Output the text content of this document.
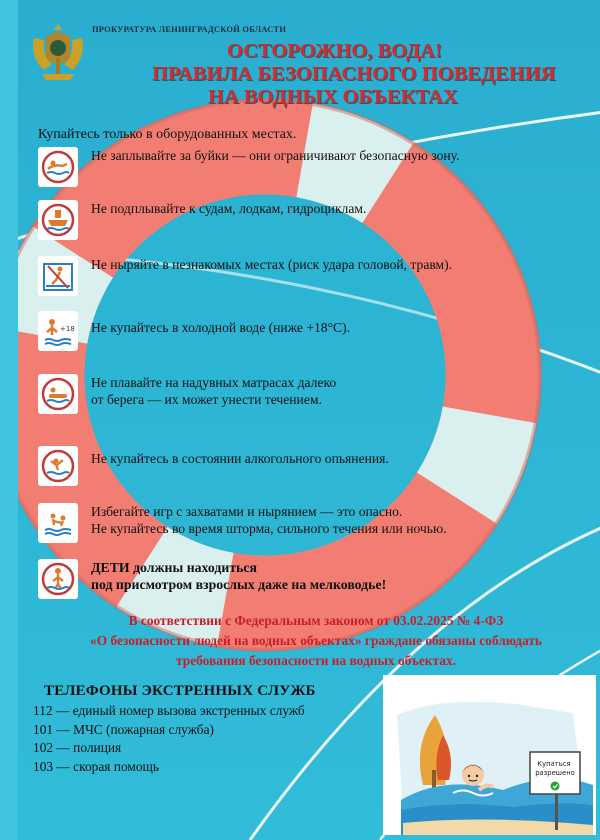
ПРОКУРАТУРА ЛЕНИНГРАДСКОЙ ОБЛАСТИ
ОСТОРОЖНО, ВОДА!
ПРАВИЛА БЕЗОПАСНОГО ПОВЕДЕНИЯ
НА ВОДНЫХ ОБЪЕКТАХ
Купайтесь только в оборудованных местах.
Не заплывайте за буйки — они ограничивают безопасную зону.
Не подплывайте к судам, лодкам, гидроциклам.
Не ныряйте в незнакомых местах (риск удара головой, травм).
+18 Не купайтесь в холодной воде (ниже +18°С).
Не плавайте на надувных матрасах далеко
от берега — их может унести течением.
Не купайтесь в состоянии алкогольного опьянения.
Избегайте игр с захватами и нырянием — это опасно.
Не купайтесь во время шторма, сильного течения или ночью.
ДЕТИ должны находиться
под присмотром взрослых даже на мелководье!
В соответствии с Федеральным законом от 03.02.2025 № 4-ФЗ
«О безопасности людей на водных объектах» граждане обязаны соблюдать
требования безопасности на водных объектах.
ТЕЛЕФОНЫ ЭКСТРЕННЫХ СЛУЖБ
112 — единый номер вызова экстренных служб
101 — МЧС (пожарная служба)
102 — полиция
103 — скорая помощь	Купаться разрешено
